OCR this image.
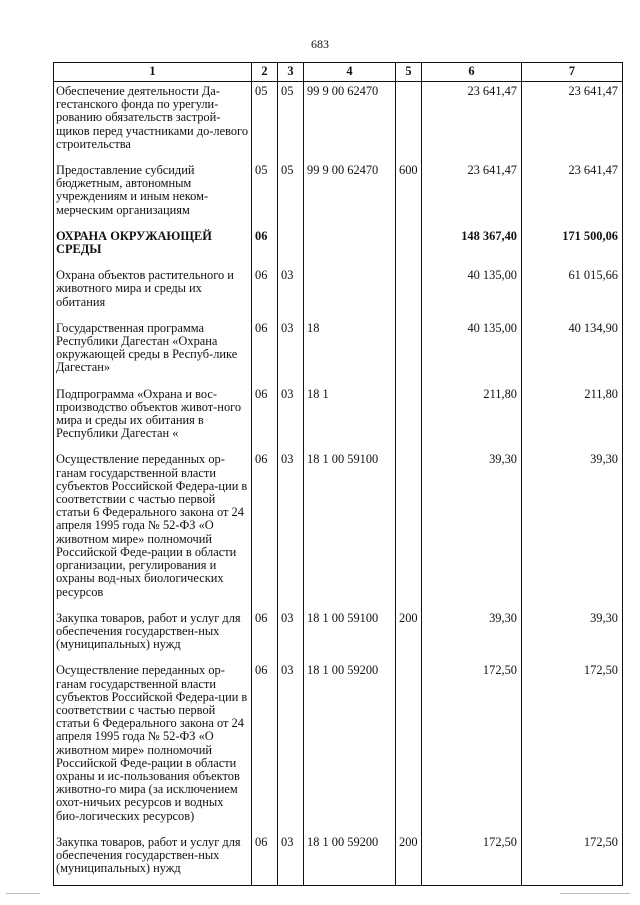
683
1	2	3	4	5	6	7
Обеспечение деятельности Да-гестанского фонда по урегули-рованию обязательств застрой-щиков перед участниками до-левого строительства	05	05	99 9 00 62470		23 641,47	23 641,47
Предоставление субсидий бюджетным, автономным учреждениям и иным неком-мерческим организациям	05	05	99 9 00 62470	600	23 641,47	23 641,47
ОХРАНА ОКРУЖАЮЩЕЙ СРЕДЫ	06				148 367,40	171 500,06
Охрана объектов растительного и животного мира и среды их обитания	06	03			40 135,00	61 015,66
Государственная программа Республики Дагестан «Охрана окружающей среды в Респуб-лике Дагестан»	06	03	18		40 135,00	40 134,90
Подпрограмма «Охрана и вос-производство объектов живот-ного мира и среды их обитания в Республики Дагестан «	06	03	18 1		211,80	211,80
Осуществление переданных ор-ганам государственной власти субъектов Российской Федера-ции в соответствии с частью первой статьи 6 Федерального закона от 24 апреля 1995 года № 52-ФЗ «О животном мире» полномочий Российской Феде-рации в области организации, регулирования и охраны вод-ных биологических ресурсов	06	03	18 1 00 59100		39,30	39,30
Закупка товаров, работ и услуг для обеспечения государствен-ных (муниципальных) нужд	06	03	18 1 00 59100	200	39,30	39,30
Осуществление переданных ор-ганам государственной власти субъектов Российской Федера-ции в соответствии с частью первой статьи 6 Федерального закона от 24 апреля 1995 года № 52-ФЗ «О животном мире» полномочий Российской Феде-рации в области охраны и ис-пользования объектов животно-го мира (за исключением охот-ничьих ресурсов и водных био-логических ресурсов)	06	03	18 1 00 59200		172,50	172,50
Закупка товаров, работ и услуг для обеспечения государствен-ных (муниципальных) нужд	06	03	18 1 00 59200	200	172,50	172,50
